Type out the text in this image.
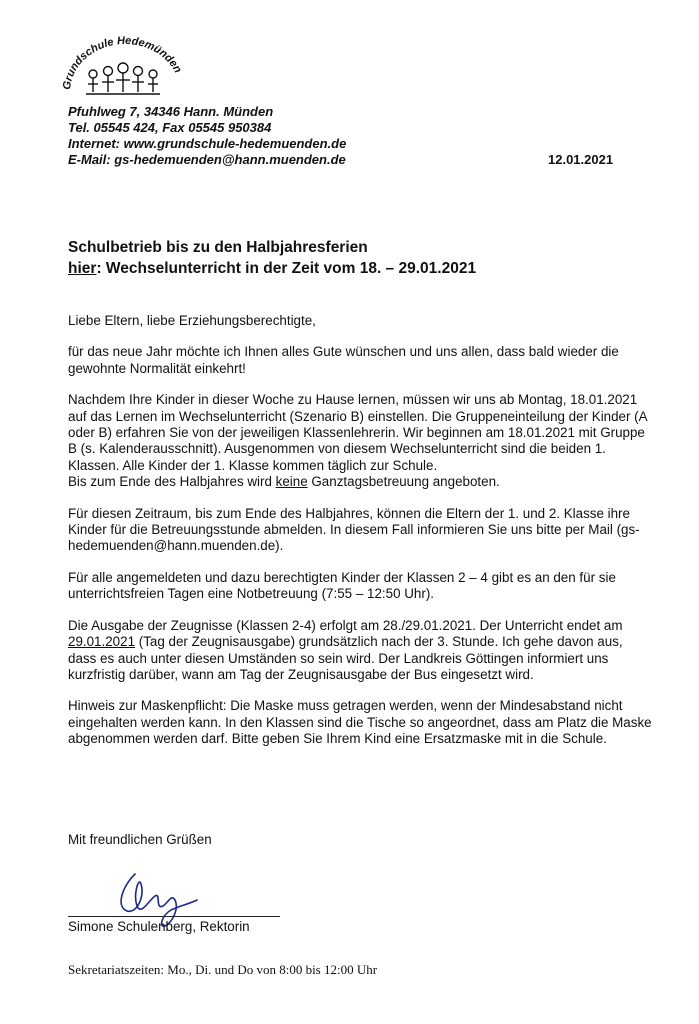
Grundschule Hedemünden
Pfuhlweg 7, 34346 Hann. Münden
Tel. 05545 424, Fax 05545 950384
Internet: www.grundschule-hedemuenden.de
E-Mail: gs-hedemuenden@hann.muenden.de	12.01.2021
Schulbetrieb bis zu den Halbjahresferien
hier: Wechselunterricht in der Zeit vom 18. – 29.01.2021

Liebe Eltern, liebe Erziehungsberechtigte,

für das neue Jahr möchte ich Ihnen alles Gute wünschen und uns allen, dass bald wieder die gewohnte Normalität einkehrt!

Nachdem Ihre Kinder in dieser Woche zu Hause lernen, müssen wir uns ab Montag, 18.01.2021 auf das Lernen im Wechselunterricht (Szenario B) einstellen. Die Gruppeneinteilung der Kinder (A oder B) erfahren Sie von der jeweiligen Klassenlehrerin. Wir beginnen am 18.01.2021 mit Gruppe B (s. Kalenderausschnitt). Ausgenommen von diesem Wechselunterricht sind die beiden 1. Klassen. Alle Kinder der 1. Klasse kommen täglich zur Schule.
Bis zum Ende des Halbjahres wird keine Ganztagsbetreuung angeboten.

Für diesen Zeitraum, bis zum Ende des Halbjahres, können die Eltern der 1. und 2. Klasse ihre Kinder für die Betreuungsstunde abmelden. In diesem Fall informieren Sie uns bitte per Mail (gs-hedemuenden@hann.muenden.de).

Für alle angemeldeten und dazu berechtigten Kinder der Klassen 2 – 4 gibt es an den für sie unterrichtsfreien Tagen eine Notbetreuung (7:55 – 12:50 Uhr).

Die Ausgabe der Zeugnisse (Klassen 2-4) erfolgt am 28./29.01.2021. Der Unterricht endet am 29.01.2021 (Tag der Zeugnisausgabe) grundsätzlich nach der 3. Stunde. Ich gehe davon aus, dass es auch unter diesen Umständen so sein wird. Der Landkreis Göttingen informiert uns kurzfristig darüber, wann am Tag der Zeugnisausgabe der Bus eingesetzt wird.

Hinweis zur Maskenpflicht: Die Maske muss getragen werden, wenn der Mindesabstand nicht eingehalten werden kann. In den Klassen sind die Tische so angeordnet, dass am Platz die Maske abgenommen werden darf. Bitte geben Sie Ihrem Kind eine Ersatzmaske mit in die Schule.

Mit freundlichen Grüßen
Simone Schulenberg, Rektorin
Sekretariatszeiten: Mo., Di. und Do von 8:00 bis 12:00 Uhr
